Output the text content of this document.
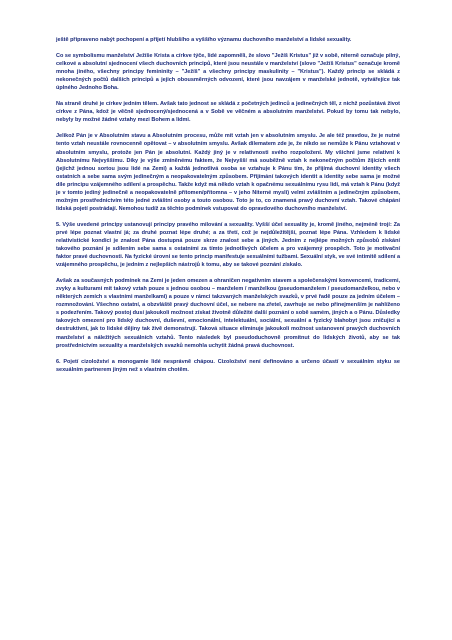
ještě připraveno nabýt pochopení a přijetí hlubšího a vyššího významu duchovního manželství a lidské sexuality.

Co se symbolismu manželství Ježíše Krista a církve týče, lidé zapomněli, že slovo "Ježíš Kristus" již v sobě, niterně označuje pilný, celkové a absolutní sjednocení všech duchovních principů, které jsou neustále v manželství (slovo "Ježíš Kristus" označuje kromě mnoha jiného, všechny principy femininity – "Ježíš" a všechny principy maskulinity – "Kristus"). Každý princip se skládá z nekonečných počtů dalších principů a jejich obousměrných odvození, které jsou navzájem v manželské jednotě, vytvářejíce tak úplného Jednoho Boha.

Na straně druhé je církev jedním tělem. Avšak tato jednost se skládá z početných jedinců a jedinečných těl, z nichž pozůstává život církve z Pána, kdož je věčně sjednocený/sjednocená a v Sobě ve věčném a absolutním manželství. Pokud by tomu tak nebylo, nebyly by možné žádné vztahy mezi Bohem a lidmi.

Jelikož Pán je v Absolutním stavu a Absolutním procesu, může mít vztah jen v absolutním smyslu. Je ale též pravdou, že je nutné tento vztah neustále rovnocenně opětovat – v absolutním smyslu. Avšak dilematem zde je, že nikdo se nemůže k Pánu vztahovat v absolutním smyslu, protože jen Pán je absolutní. Každý jiný je v relativnosti svého rozpoložení. My všichni jsme relativní k Absolutnímu Nejvyššímu. Díky je výše zmíněnému faktem, že Nejvyšší má souběžně vztah k nekonečným počtům žijících entit (jejichž jednou sortou jsou lidé na Zemi) a každá jednotlivá osoba se vztahuje k Pánu tím, že přijímá duchovní identity všech ostatních a sebe sama svým jedinečným a neopakovatelným způsobem. Přijímání takových identit a identity sebe sama je možné díle principu vzájemného sdílení a prospěchu. Takže když má někdo vztah k opačnému sexuálnímu rysu lidí, má vztah k Pánu (když je v tomto jediný jedinečně a neopakovatelně přítomen/přítomna – v jeho Niterné mysli) velmi zvláštním a jedinečným způsobem, možným prostřednictvím této jedné zvláštní osoby a touto osobou. Toto je to, co znamená pravý duchovní vztah. Takové chápání lidská pojetí postrádají. Nemohou tudíž za těchto podmínek vstupovat do opravdového duchovního manželství.

5. Výše uvedené principy ustanovují principy pravého milování a sexuality. Vyšší účel sexuality je, kromě jiného, nejméně trojí: Za prvé lépe poznat vlastní já; za druhé poznat lépe druhé; a za třetí, což je nejdůležitější, poznat lépe Pána. Vzhledem k lidské relativistické kondici je znalost Pána dostupná pouze skrze znalost sebe a jiných. Jedním z nejlépe možných způsobů získání takového poznání je sdílením sebe sama s ostatními za tímto jednotlivých účelem a pro vzájemný prospěch. Toto je motivační faktor pravé duchovnosti. Na fyzické úrovni se tento princip manifestuje sexuálními tužbami. Sexuální styk, ve své intimitě sdílení a vzájemného prospěchu, je jedním z nejlepších nástrojů k tomu, aby se takové poznání získalo.

Avšak za současných podmínek na Zemi je jeden omezen a ohraničen negativním stavem a společenskými konvencemi, tradicemi, zvyky a kulturami mít takový vztah pouze s jednou osobou – manželem / manželkou (pseudomanželem / pseudomanželkou, nebo v některých zemích s vlastními manželkami) a pouze v rámci takzvaných manželských svazků, v prvé řadě pouze za jedním účelem – rozmnožování. Všechno ostatní, a obzvláště pravý duchovní účel, se nebere na zřetel, zavrhuje se nebo přinejmenším je nahlíženo s podezřením. Takový postoj dusí jakoukoli možnost získat životně důležité další poznání o sobě samém, jiných a o Pánu. Důsledky takových omezení pro lidský duchovní, duševní, emocionální, intelektuální, sociální, sexuální a fyzický blahobyt jsou zničující a destruktivní, jak to lidské dějiny tak živě demonstrují. Taková situace eliminuje jakoukoli možnost ustanovení pravých duchovních manželství a náležitých sexuálních vztahů. Tento následek byl pseudoduchovně promítnut do lidských životů, aby se tak prostřednictvím sexuality a manželských svazků nemohla uchytit žádná pravá duchovnost.

6. Pojetí cizoložství a monogamie lidé nesprávně chápou. Cizoložství není definováno a určeno účastí v sexuálním styku se sexuálním partnerem jiným než s vlastním chotěm.
